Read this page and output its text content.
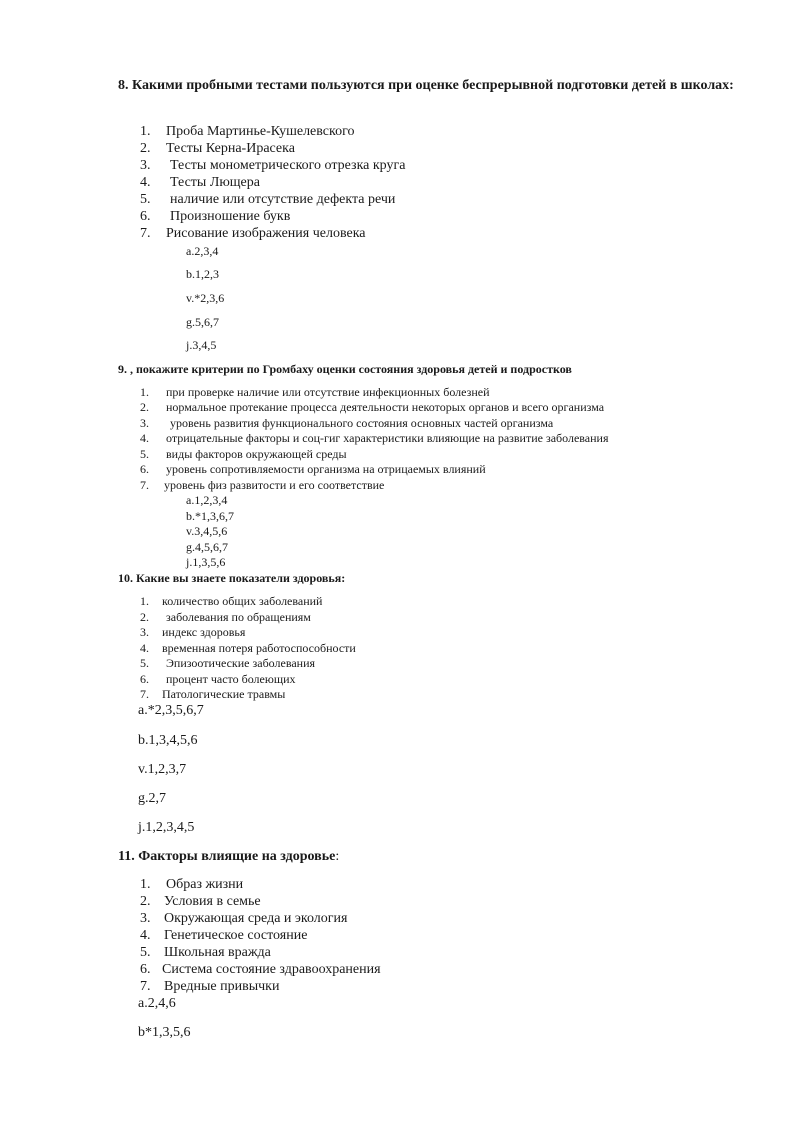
8. Какими пробными тестами пользуются при оценке беспрерывной подготовки детей в школах:
1. Проба Мартинье-Кушелевского
2. Тесты Керна-Ирасека
3. Тесты монометрического отрезка круга
4. Тесты Лющера
5. наличие или отсутствие дефекта речи
6. Произношение букв
7. Рисование изображения человека
a.2,3,4
b.1,2,3
v.*2,3,6
g.5,6,7
j.3,4,5
9. , покажите критерии по Громбаху оценки состояния здоровья детей и подростков
1. при проверке наличие или отсутствие инфекционных болезней
2. нормальное протекание процесса деятельности некоторых органов и всего организма
3. уровень развития функционального состояния основных частей организма
4. отрицательные факторы и соц-гиг характеристики влияющие на развитие заболевания
5. виды факторов окружающей среды
6. уровень сопротивляемости организма на отрицаемых влияний
7. уровень физ развитости и его соответствие
a.1,2,3,4
b.*1,3,6,7
v.3,4,5,6
g.4,5,6,7
j.1,3,5,6
10. Какие вы знаете показатели здоровья:
1. количество общих заболеваний
2. заболевания по обращениям
3. индекс здоровья
4. временная потеря работоспособности
5. Эпизоотические заболевания
6. процент часто болеющих
7. Патологические травмы
a.*2,3,5,6,7
b.1,3,4,5,6
v.1,2,3,7
g.2,7
j.1,2,3,4,5
11. Факторы влиящие на здоровье:
1. Образ жизни
2. Условия в семье
3. Окружающая среда и экология
4. Генетическое состояние
5. Школьная вражда
6. Система состояние здравоохранения
7. Вредные привычки
a.2,4,6
b*1,3,5,6
